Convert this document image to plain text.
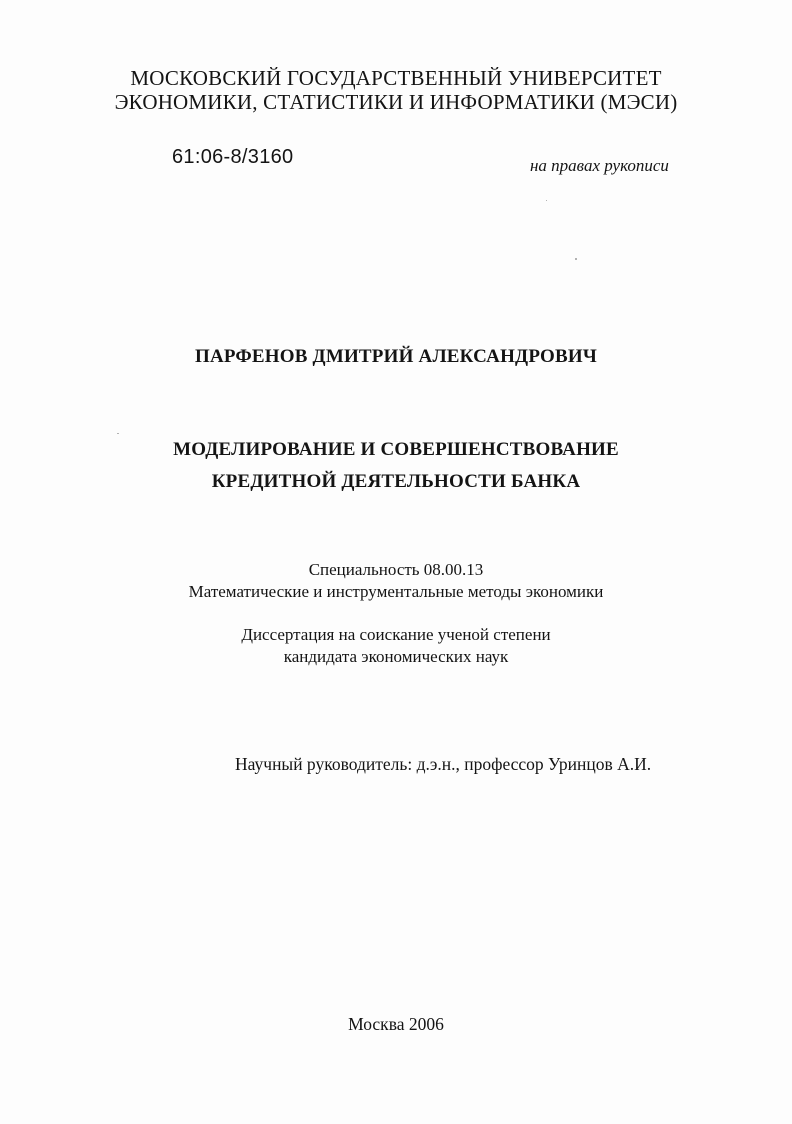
МОСКОВСКИЙ ГОСУДАРСТВЕННЫЙ УНИВЕРСИТЕТ
ЭКОНОМИКИ, СТАТИСТИКИ И ИНФОРМАТИКИ (МЭСИ)
61:06-8/3160	на правах рукописи
ПАРФЕНОВ ДМИТРИЙ АЛЕКСАНДРОВИЧ
МОДЕЛИРОВАНИЕ И СОВЕРШЕНСТВОВАНИЕ
КРЕДИТНОЙ ДЕЯТЕЛЬНОСТИ БАНКА
Специальность 08.00.13
Математические и инструментальные методы экономики
Диссертация на соискание ученой степени
кандидата экономических наук
Научный руководитель: д.э.н., профессор Уринцов А.И.
Москва 2006
